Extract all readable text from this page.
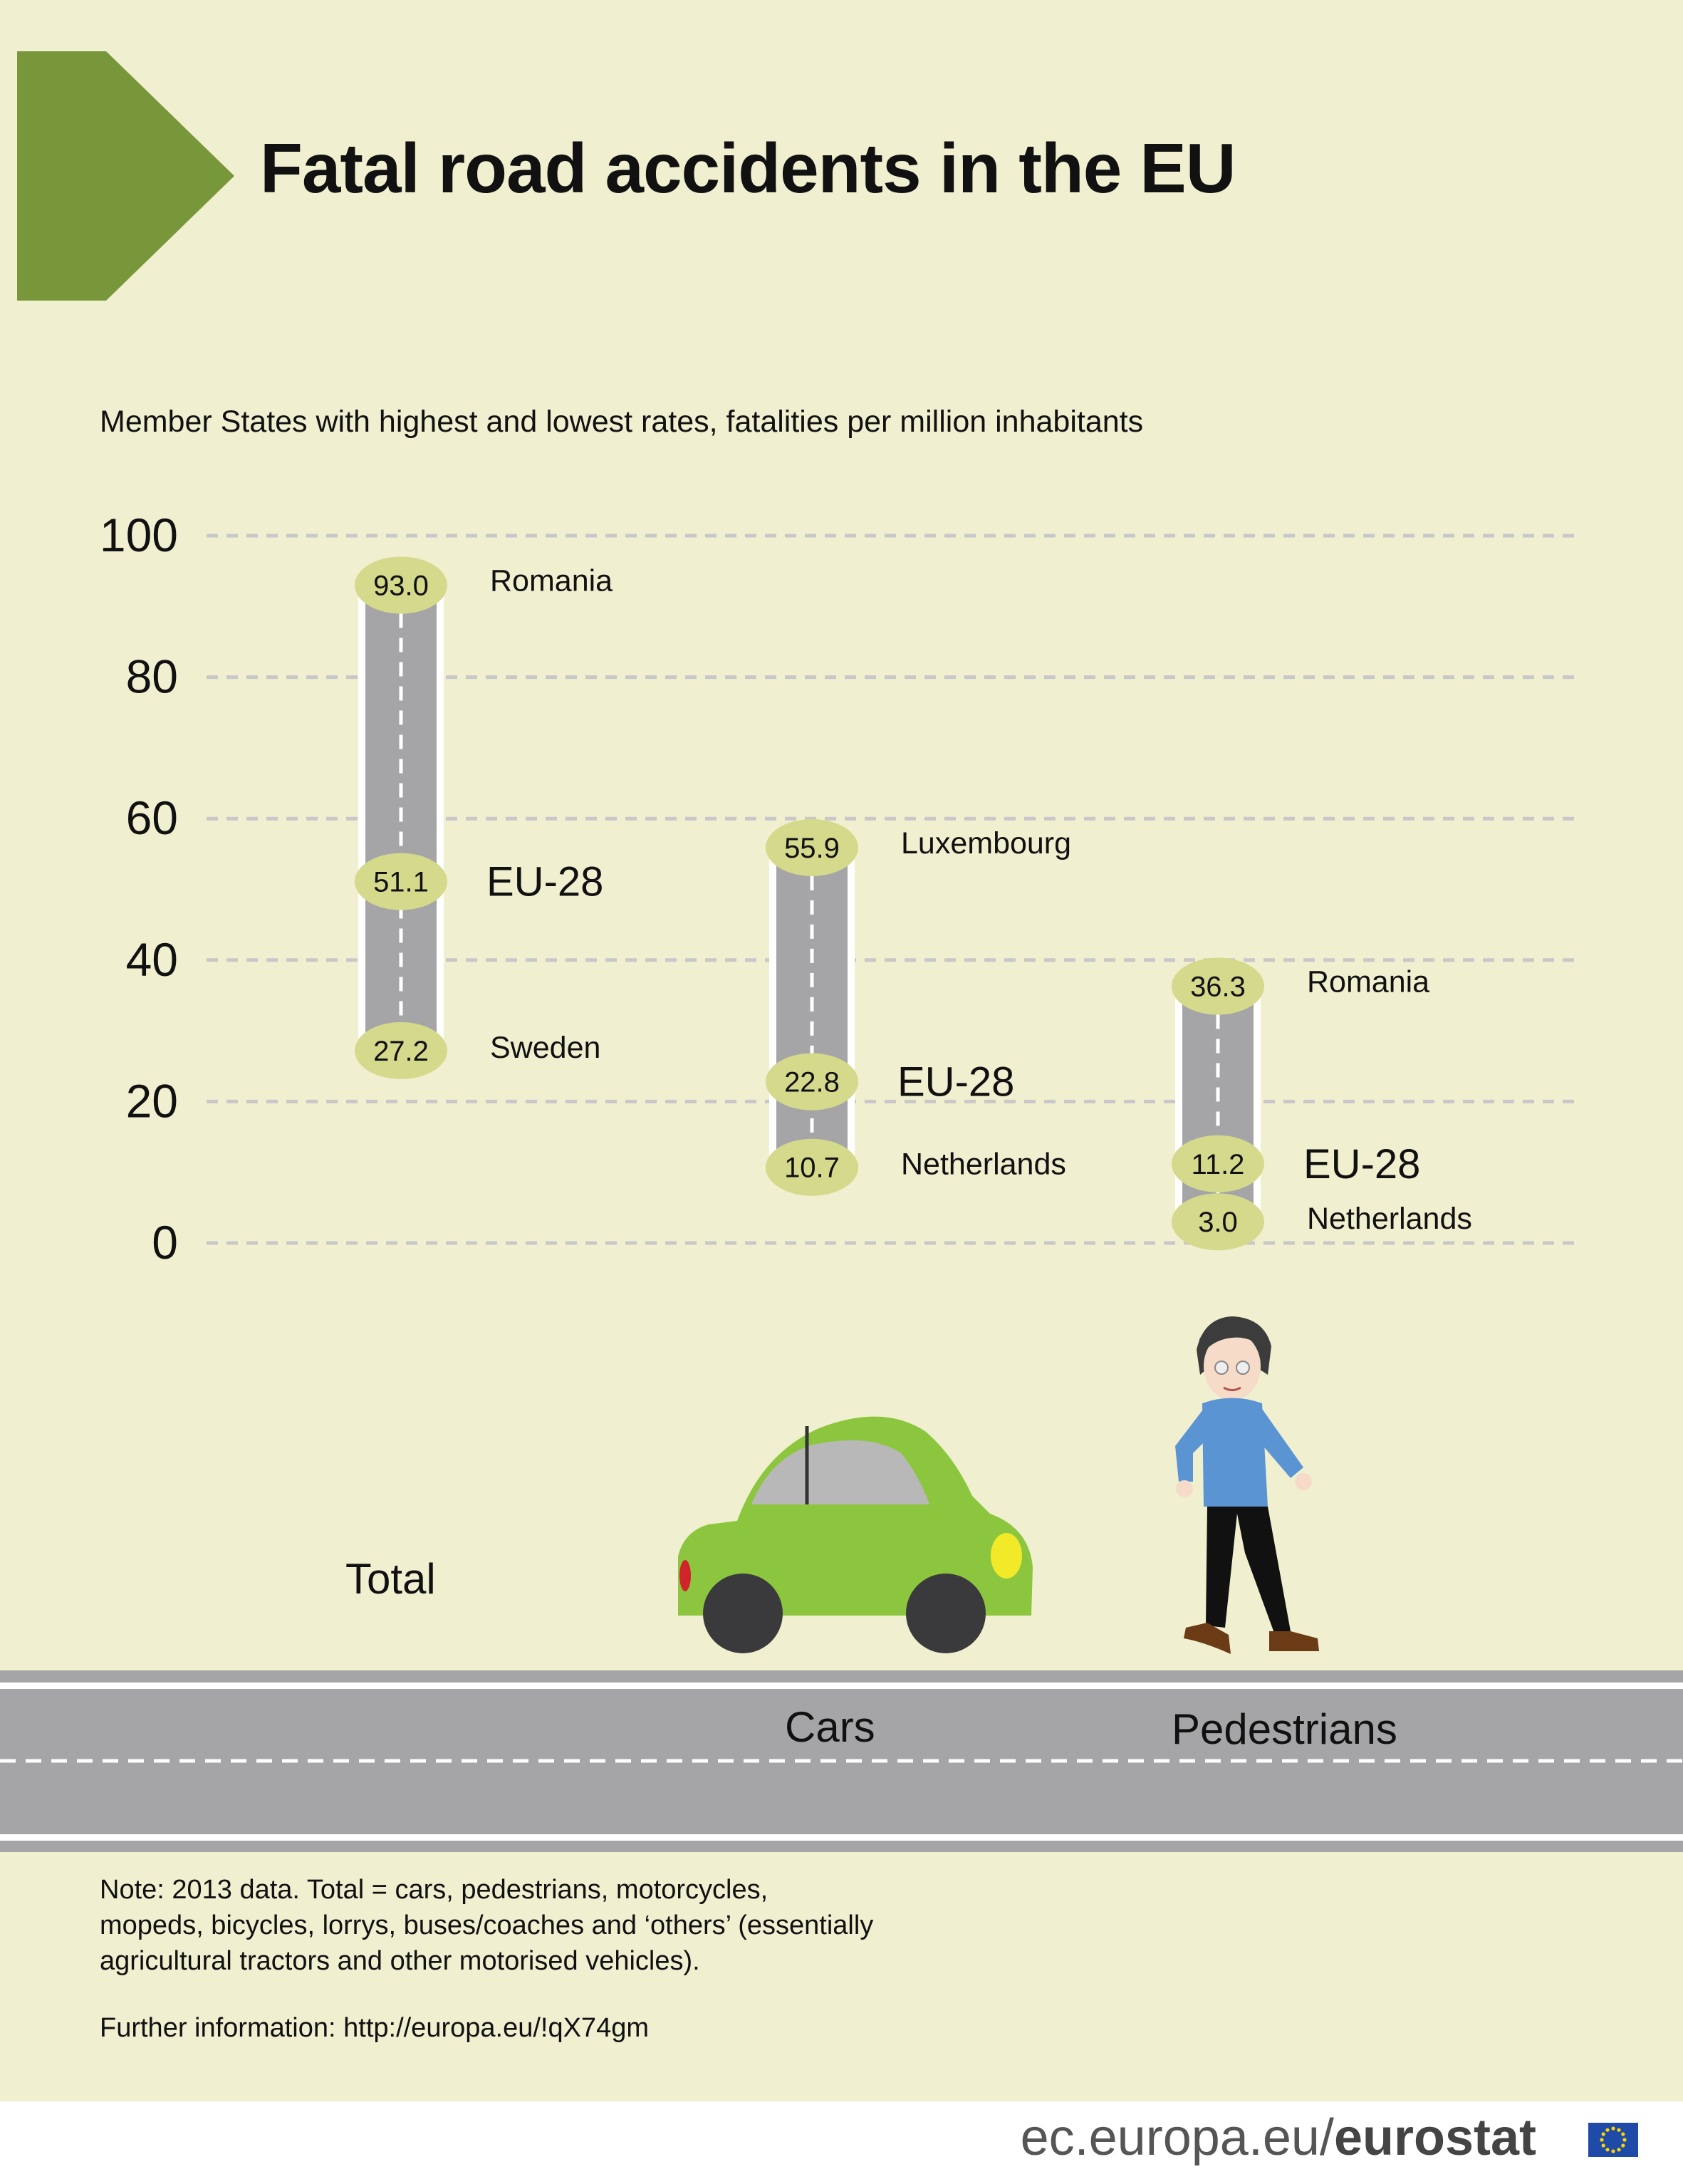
Fatal road accidents in the EU
Member States with highest and lowest rates, fatalities per million inhabitants
100
80
60
40
20
0
93.0 Romania
51.1 EU-28
27.2 Sweden
55.9 Luxembourg
22.8 EU-28
10.7 Netherlands
36.3 Romania
11.2 EU-28
3.0 Netherlands
Total
Cars	Pedestrians
Note: 2013 data. Total = cars, pedestrians, motorcycles,
mopeds, bicycles, lorrys, buses/coaches and ‘others’ (essentially
agricultural tractors and other motorised vehicles).
Further information: http://europa.eu/!qX74gm
ec.europa.eu/eurostat
